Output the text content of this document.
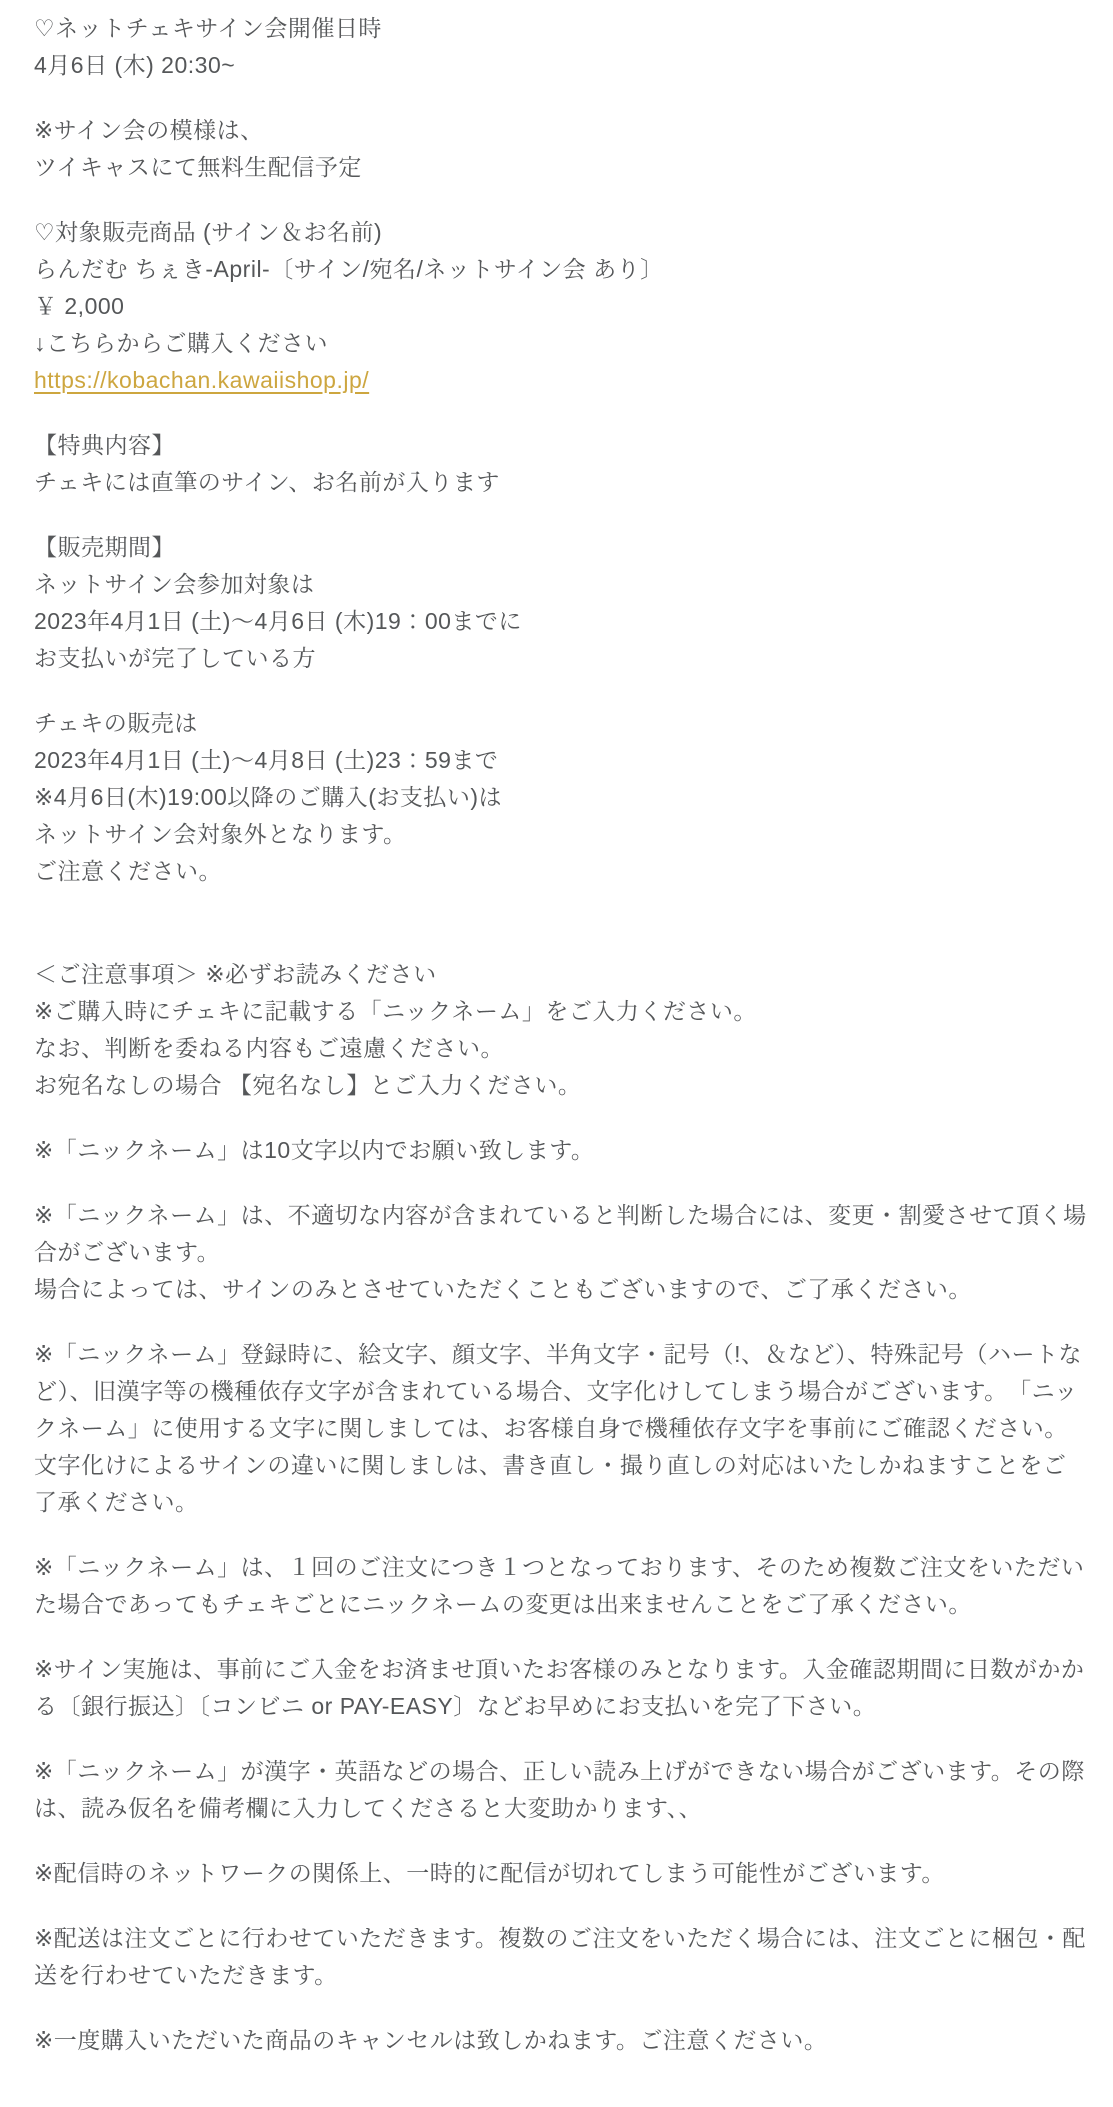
♡ネットチェキサイン会開催日時
4月6日 (木) 20:30~
※サイン会の模様は、
ツイキャスにて無料生配信予定
♡対象販売商品 (サイン＆お名前)
らんだむ ちぇき-April-〔サイン/宛名/ネットサイン会 あり〕
￥ 2,000
↓こちらからご購入ください
https://kobachan.kawaiishop.jp/
【特典内容】
チェキには直筆のサイン、お名前が入ります
【販売期間】
ネットサイン会参加対象は
2023年4月1日 (土)～4月6日 (木)19：00までに
お支払いが完了している方
チェキの販売は
2023年4月1日 (土)～4月8日 (土)23：59まで
※4月6日(木)19:00以降のご購入(お支払い)は
ネットサイン会対象外となります。
ご注意ください。
＜ご注意事項＞ ※必ずお読みください
※ご購入時にチェキに記載する「ニックネーム」をご入力ください。
なお、判断を委ねる内容もご遠慮ください。
お宛名なしの場合 【宛名なし】とご入力ください。
※「ニックネーム」は10文字以内でお願い致します。
※「ニックネーム」は、不適切な内容が含まれていると判断した場合には、変更・割愛させて頂く場合がございます。
場合によっては、サインのみとさせていただくこともございますので、ご了承ください。
※「ニックネーム」登録時に、絵文字、顔文字、半角文字・記号（!、＆など）、特殊記号（ハートなど）、旧漢字等の機種依存文字が含まれている場合、文字化けしてしまう場合がございます。　「ニックネーム」に使用する文字に関しましては、お客様自身で機種依存文字を事前にご確認ください。文字化けによるサインの違いに関しましは、書き直し・撮り直しの対応はいたしかねますことをご了承ください。
※「ニックネーム」は、１回のご注文につき１つとなっております、そのため複数ご注文をいただいた場合であってもチェキごとにニックネームの変更は出来ませんことをご了承ください。
※サイン実施は、事前にご入金をお済ませ頂いたお客様のみとなります。入金確認期間に日数がかかる〔銀行振込〕〔コンビニ or PAY-EASY〕などお早めにお支払いを完了下さい。
※「ニックネーム」が漢字・英語などの場合、正しい読み上げができない場合がございます。その際は、読み仮名を備考欄に入力してくださると大変助かります、、
※配信時のネットワークの関係上、一時的に配信が切れてしまう可能性がございます。
※配送は注文ごとに行わせていただきます。複数のご注文をいただく場合には、注文ごとに梱包・配送を行わせていただきます。
※一度購入いただいた商品のキャンセルは致しかねます。ご注意ください。
